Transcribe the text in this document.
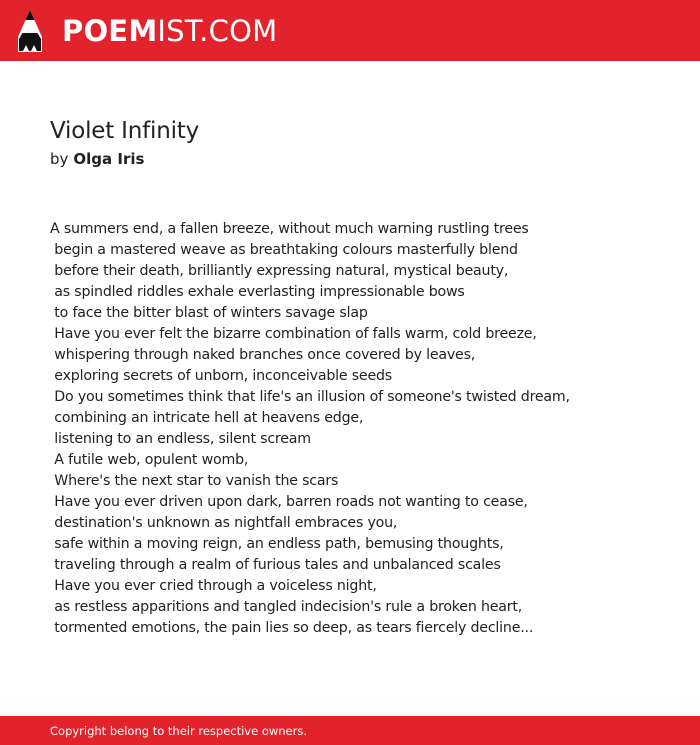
POEMIST.COM
Violet Infinity
by Olga Iris
A summers end, a fallen breeze, without much warning rustling trees
begin a mastered weave as breathtaking colours masterfully blend
before their death, brilliantly expressing natural, mystical beauty,
as spindled riddles exhale everlasting impressionable bows
to face the bitter blast of winters savage slap
Have you ever felt the bizarre combination of falls warm, cold breeze,
whispering through naked branches once covered by leaves,
exploring secrets of unborn, inconceivable seeds
Do you sometimes think that life's an illusion of someone's twisted dream,
combining an intricate hell at heavens edge,
listening to an endless, silent scream
A futile web, opulent womb,
Where's the next star to vanish the scars
Have you ever driven upon dark, barren roads not wanting to cease,
destination's unknown as nightfall embraces you,
safe within a moving reign, an endless path, bemusing thoughts,
traveling through a realm of furious tales and unbalanced scales
Have you ever cried through a voiceless night,
as restless apparitions and tangled indecision's rule a broken heart,
tormented emotions, the pain lies so deep, as tears fiercely decline...
Copyright belong to their respective owners.
